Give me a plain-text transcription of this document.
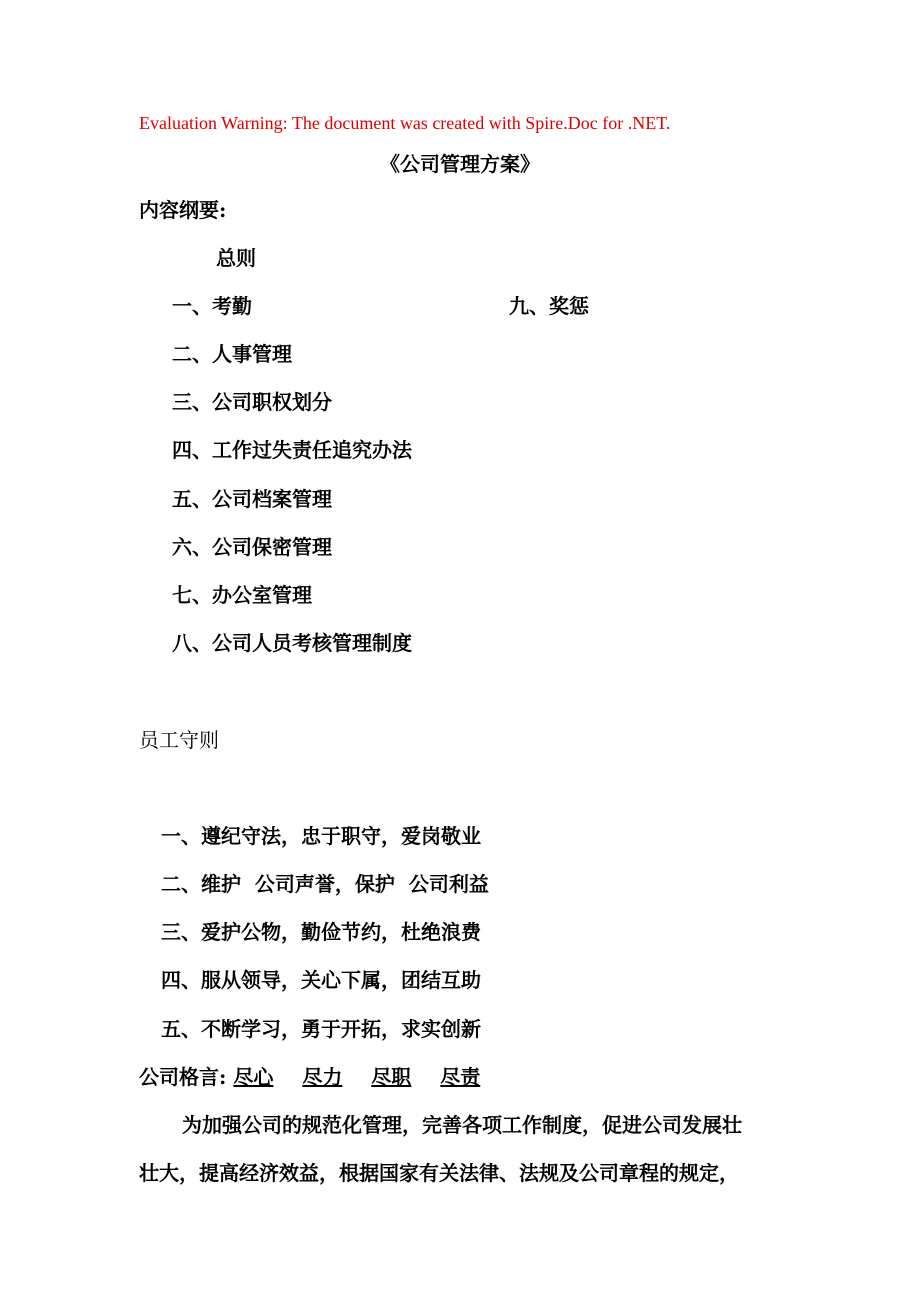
Evaluation Warning: The document was created with Spire.Doc for .NET.
《公司管理方案》
内容纲要:
总则
一、考勤	九、奖惩
二、人事管理
三、公司职权划分
四、工作过失责任追究办法
五、公司档案管理
六、公司保密管理
七、办公室管理
八、公司人员考核管理制度
员工守则
一、遵纪守法，忠于职守，爱岗敬业
二、维护  公司声誉，保护  公司利益
三、爱护公物，勤俭节约，杜绝浪费
四、服从领导，关心下属，团结互助
五、不断学习，勇于开拓，求实创新
公司格言: 尽心 尽力 尽职 尽责
为加强公司的规范化管理，完善各项工作制度，促进公司发展壮
壮大，提高经济效益，根据国家有关法律、法规及公司章程的规定，
